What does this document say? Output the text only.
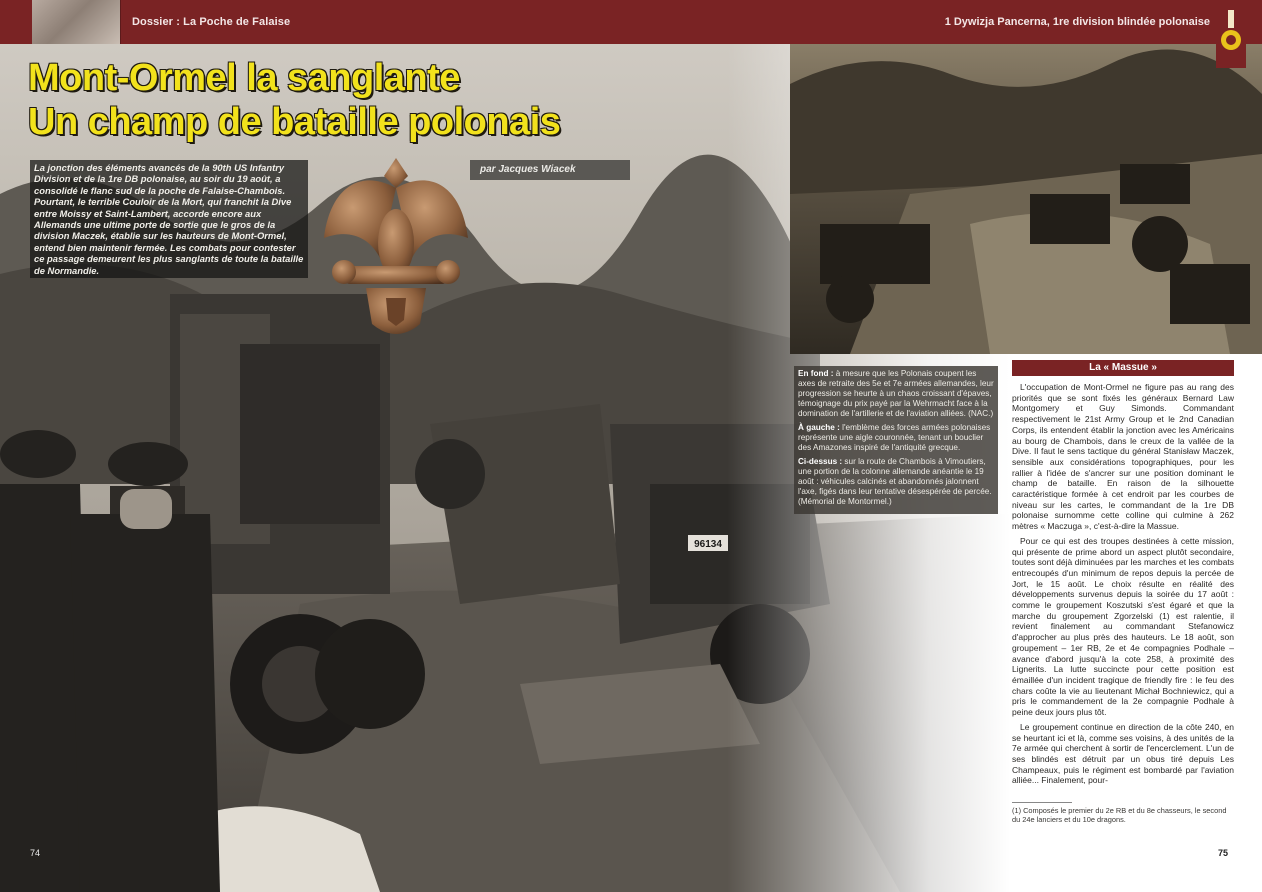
Dossier : La Poche de Falaise	1 Dywizja Pancerna, 1re division blindée polonaise
Mont-Ormel la sanglante
Un champ de bataille polonais

La jonction des éléments avancés de la 90th US Infantry Division et de la 1re DB polonaise, au soir du 19 août, a consolidé le flanc sud de la poche de Falaise-Chambois. Pourtant, le terrible Couloir de la Mort, qui franchit la Dive entre Moissy et Saint-Lambert, accorde encore aux Allemands une ultime porte de sortie que le gros de la division Maczek, établie sur les hauteurs de Mont-Ormel, entend bien maintenir fermée. Les combats pour contester ce passage demeurent les plus sanglants de toute la bataille de Normandie.

par Jacques Wiacek

En fond : à mesure que les Polonais coupent les axes de retraite des 5e et 7e armées allemandes, leur progression se heurte à un chaos croissant d'épaves, témoignage du prix payé par la Wehrmacht face à la domination de l'artillerie et de l'aviation alliées. (NAC.)

À gauche : l'emblème des forces armées polonaises représente une aigle couronnée, tenant un bouclier des Amazones inspiré de l'antiquité grecque.

Ci-dessus : sur la route de Chambois à Vimoutiers, une portion de la colonne allemande anéantie le 19 août : véhicules calcinés et abandonnés jalonnent l'axe, figés dans leur tentative désespérée de percée. (Mémorial de Montormel.)

La « Massue »

L'occupation de Mont-Ormel ne figure pas au rang des priorités que se sont fixés les généraux Bernard Law Montgomery et Guy Simonds. Commandant respectivement le 21st Army Group et le 2nd Canadian Corps, ils entendent établir la jonction avec les Américains au bourg de Chambois, dans le creux de la vallée de la Dive. Il faut le sens tactique du général Stanisław Maczek, sensible aux considérations topographiques, pour les rallier à l'idée de s'ancrer sur une position dominant le champ de bataille. En raison de la silhouette caractéristique formée à cet endroit par les courbes de niveau sur les cartes, le commandant de la 1re DB polonaise surnomme cette colline qui culmine à 262 mètres « Maczuga », c'est-à-dire la Massue.

Pour ce qui est des troupes destinées à cette mission, qui présente de prime abord un aspect plutôt secondaire, toutes sont déjà diminuées par les marches et les combats entrecoupés d'un minimum de repos depuis la percée de Jort, le 15 août. Le choix résulte en réalité des développements survenus depuis la soirée du 17 août : comme le groupement Koszutski s'est égaré et que la marche du groupement Zgorzelski (1) est ralentie, il revient finalement au commandant Stefanowicz d'approcher au plus près des hauteurs. Le 18 août, son groupement – 1er RB, 2e et 4e compagnies Podhale – avance d'abord jusqu'à la cote 258, à proximité des Lignerits. La lutte succincte pour cette position est émaillée d'un incident tragique de friendly fire : le feu des chars coûte la vie au lieutenant Michał Bochniewicz, qui a pris le commandement de la 2e compagnie Podhale à peine deux jours plus tôt.

Le groupement continue en direction de la côte 240, en se heurtant ici et là, comme ses voisins, à des unités de la 7e armée qui cherchent à sortir de l'encerclement. L'un de ses blindés est détruit par un obus tiré depuis Les Champeaux, puis le régiment est bombardé par l'aviation alliée... Finalement, pour-

(1) Composés le premier du 2e RB et du 8e chasseurs, le second du 24e lanciers et du 10e dragons.
74	75
